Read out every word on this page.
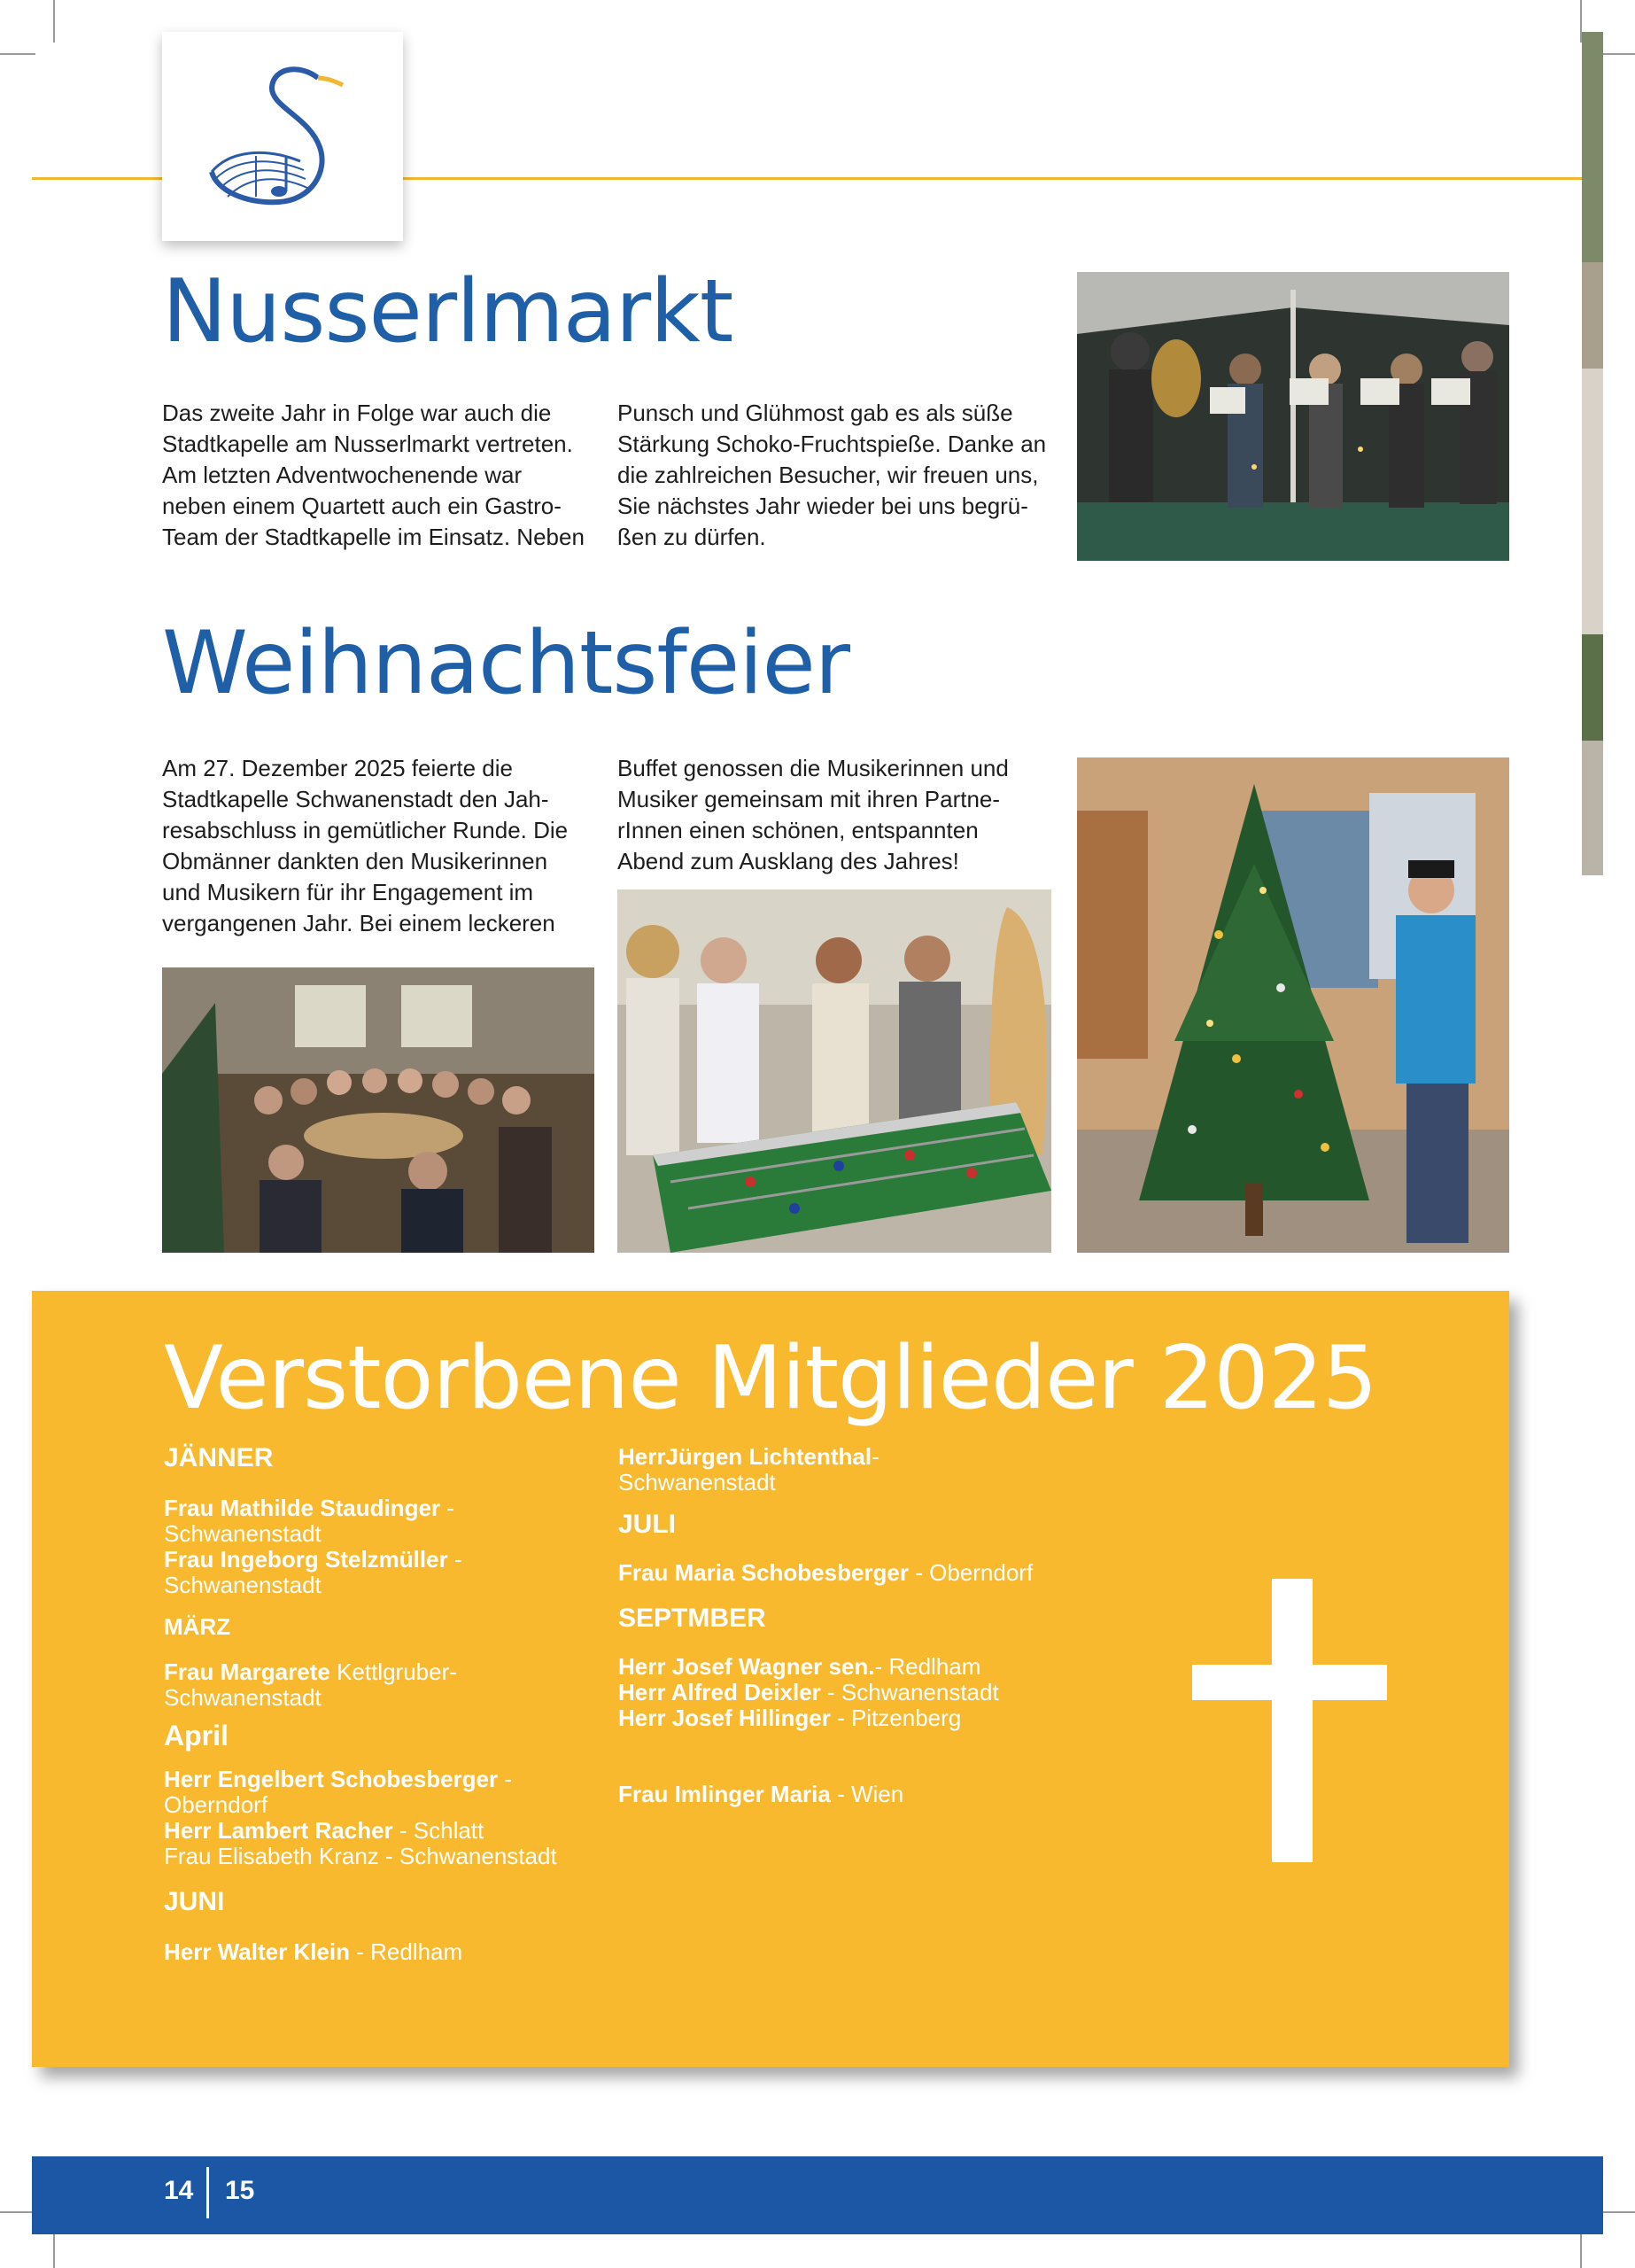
Nusserlmarkt

Das zweite Jahr in Folge war auch die

Stadtkapelle am Nusserlmarkt vertreten.

Am letzten Adventwochenende war

neben einem Quartett auch ein Gastro-

Team der Stadtkapelle im Einsatz. Neben

Punsch und Glühmost gab es als süße

Stärkung Schoko-Fruchtspieße. Danke an

die zahlreichen Besucher, wir freuen uns,

Sie nächstes Jahr wieder bei uns begrü-

ßen zu dürfen.

Weihnachtsfeier

Am 27. Dezember 2025 feierte die

Stadtkapelle Schwanenstadt den Jah-

resabschluss in gemütlicher Runde. Die

Obmänner dankten den Musikerinnen

und Musikern für ihr Engagement im

vergangenen Jahr. Bei einem leckeren

Buffet genossen die Musikerinnen und

Musiker gemeinsam mit ihren Partne-

rInnen einen schönen, entspannten

Abend zum Ausklang des Jahres!

Verstorbene Mitglieder 2025

JÄNNER

Frau Mathilde Staudinger -

Schwanenstadt

Frau Ingeborg Stelzmüller -

Schwanenstadt

MÄRZ

Frau Margarete Kettlgruber-

Schwanenstadt

April

Herr Engelbert Schobesberger -

Oberndorf

Herr Lambert Racher - Schlatt

Frau Elisabeth Kranz - Schwanenstadt

JUNI

Herr Walter Klein - Redlham

HerrJürgen Lichtenthal-

Schwanenstadt

JULI

Frau Maria Schobesberger - Oberndorf

SEPTMBER

Herr Josef Wagner sen.- Redlham

Herr Alfred Deixler - Schwanenstadt

Herr Josef Hillinger - Pitzenberg

Frau Imlinger Maria - Wien

14 15
